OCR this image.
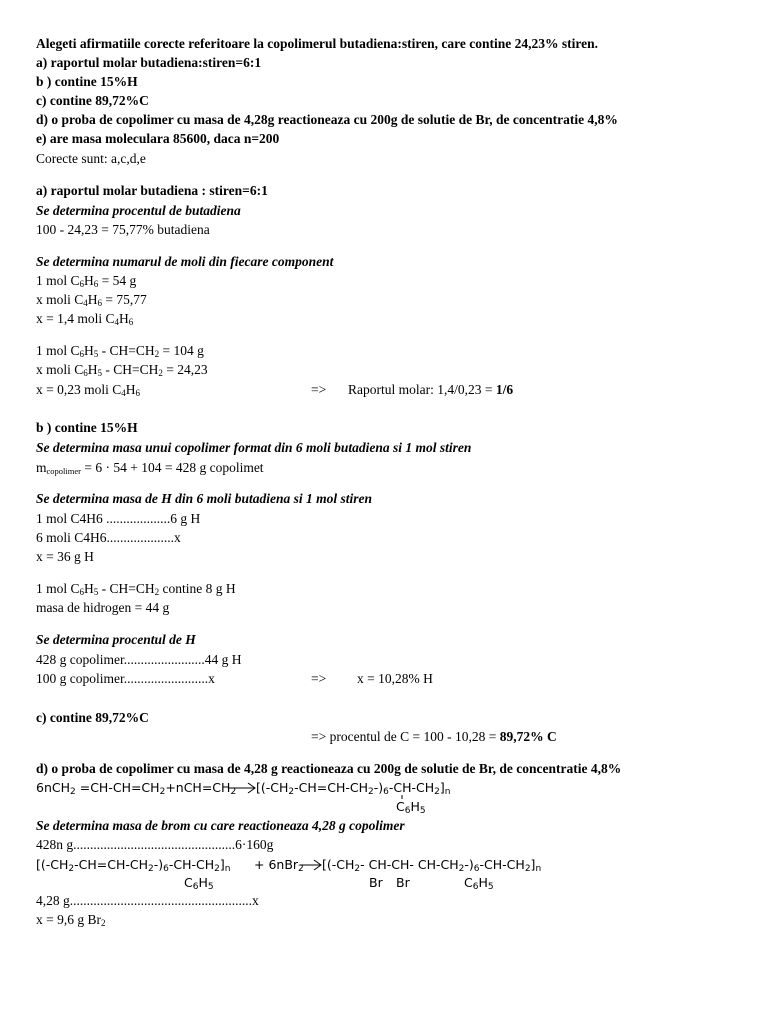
Alegeti afirmatiile corecte referitoare la copolimerul butadiena:stiren, care contine 24,23% stiren.
a) raportul molar butadiena:stiren=6:1
b ) contine 15%H
c) contine 89,72%C
d) o proba de copolimer cu masa de 4,28g reactioneaza cu 200g de solutie de Br, de concentratie 4,8%
e) are masa moleculara 85600, daca n=200
Corecte sunt: a,c,d,e
a) raportul molar butadiena : stiren=6:1
Se determina procentul de butadiena
100 - 24,23 = 75,77% butadiena
Se determina numarul de moli din fiecare component
1 mol $C_6H_6 = 54$ g
x moli $C_4H_6 = 75,77$
x = 1,4 moli $C_4H_6$
1 mol $C_6H_5 - CH=CH_2 = 104$ g
x moli $C_6H_5 - CH=CH_2 = 24,23$
x = 0,23 moli $C_4H_6$	=> Raportul molar: 1,4/0,23 = 1/6
b ) contine 15%H
Se determina masa unui copolimer format din 6 moli butadiena si 1 mol stiren
mcopolimer = 6 · 54 + 104 = 428 g copolimet
Se determina masa de H din 6 moli butadiena si 1 mol stiren
1 mol C4H6 ...................6 g H
6 moli C4H6....................x
x = 36 g H
1 mol $C_6H_5 - CH=CH_2$ contine 8 g H
masa de hidrogen = 44 g
Se determina procentul de H
428 g copolimer........................44 g H
100 g copolimer.........................x	=> x = 10,28% H
c) contine 89,72%C
=> procentul de C = 100 - 10,28 = 89,72% C
d) o proba de copolimer cu masa de 4,28 g reactioneaza cu 200g de solutie de Br, de concentratie 4,8%
$6nCH_2 =CH-CH=CH_2+nCH=CH_2$ $[(-CH_2-CH=CH-CH_2-)_6-CH-CH_2]_n$
$C_6H_5$
Se determina masa de brom cu care reactioneaza 4,28 g copolimer
428n g................................................6·160g
$[(-CH_2-CH=CH-CH_2-)_6-CH-CH_2]_n + 6nBr_2$ [($-CH_2-$ CH-CH- $CH-CH_2-)_6-CH-CH_2]_n$
$C_6H_5$	Br Br	$C_6H_5$
4,28 g......................................................x
x = 9,6 g $Br_2$
